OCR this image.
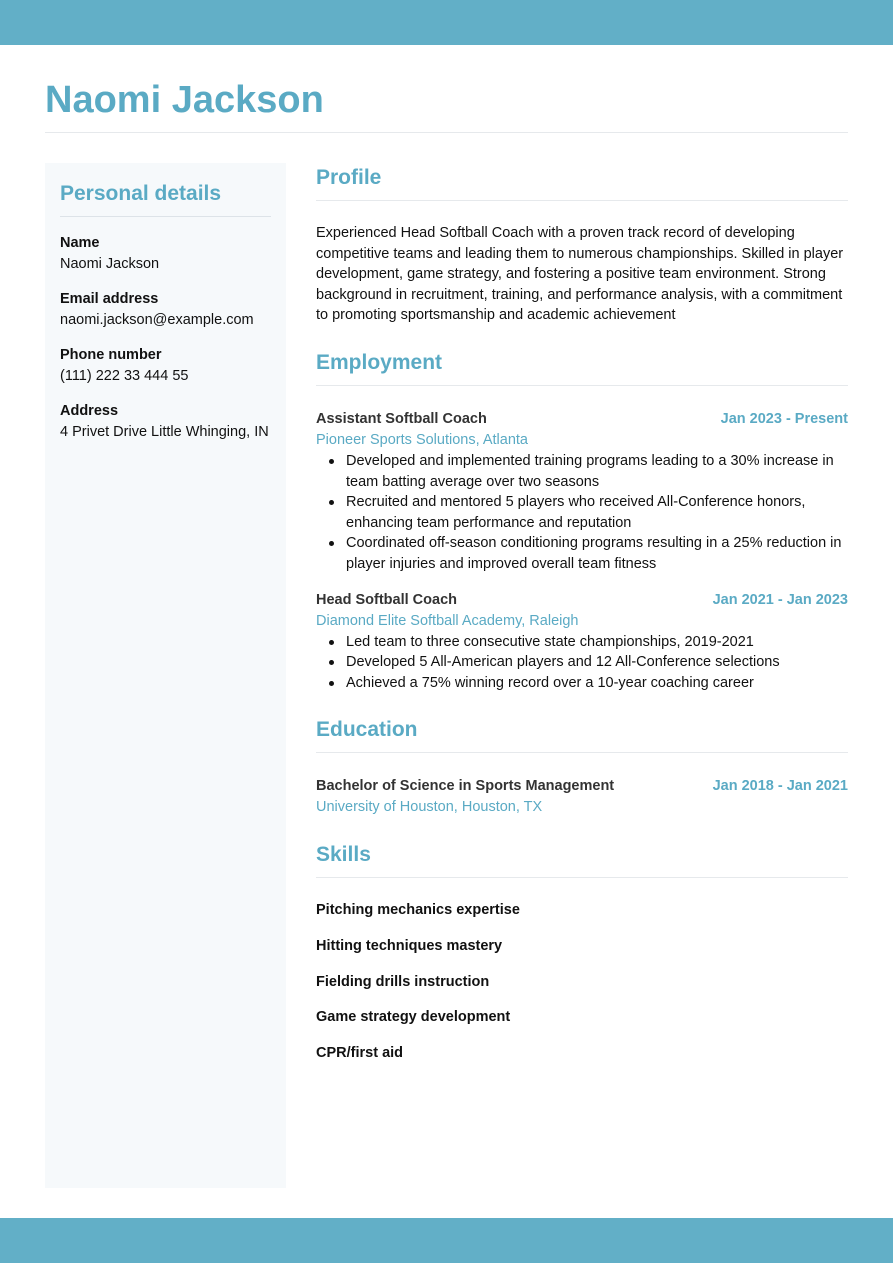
Naomi Jackson
Personal details
Name
Naomi Jackson
Email address
naomi.jackson@example.com
Phone number
(111) 222 33 444 55
Address
4 Privet Drive Little Whinging, IN
Profile

Experienced Head Softball Coach with a proven track record of developing competitive teams and leading them to numerous championships. Skilled in player development, game strategy, and fostering a positive team environment. Strong background in recruitment, training, and performance analysis, with a commitment to promoting sportsmanship and academic achievement

Employment
Assistant Softball Coach	Jan 2023 - Present
Pioneer Sports Solutions, Atlanta
Developed and implemented training programs leading to a 30% increase in team batting average over two seasons
Recruited and mentored 5 players who received All-Conference honors, enhancing team performance and reputation
Coordinated off-season conditioning programs resulting in a 25% reduction in player injuries and improved overall team fitness
Head Softball Coach	Jan 2021 - Jan 2023
Diamond Elite Softball Academy, Raleigh
Led team to three consecutive state championships, 2019-2021
Developed 5 All-American players and 12 All-Conference selections
Achieved a 75% winning record over a 10-year coaching career
Education
Bachelor of Science in Sports Management	Jan 2018 - Jan 2021
University of Houston, Houston, TX
Skills
Pitching mechanics expertise
Hitting techniques mastery
Fielding drills instruction
Game strategy development
CPR/first aid
